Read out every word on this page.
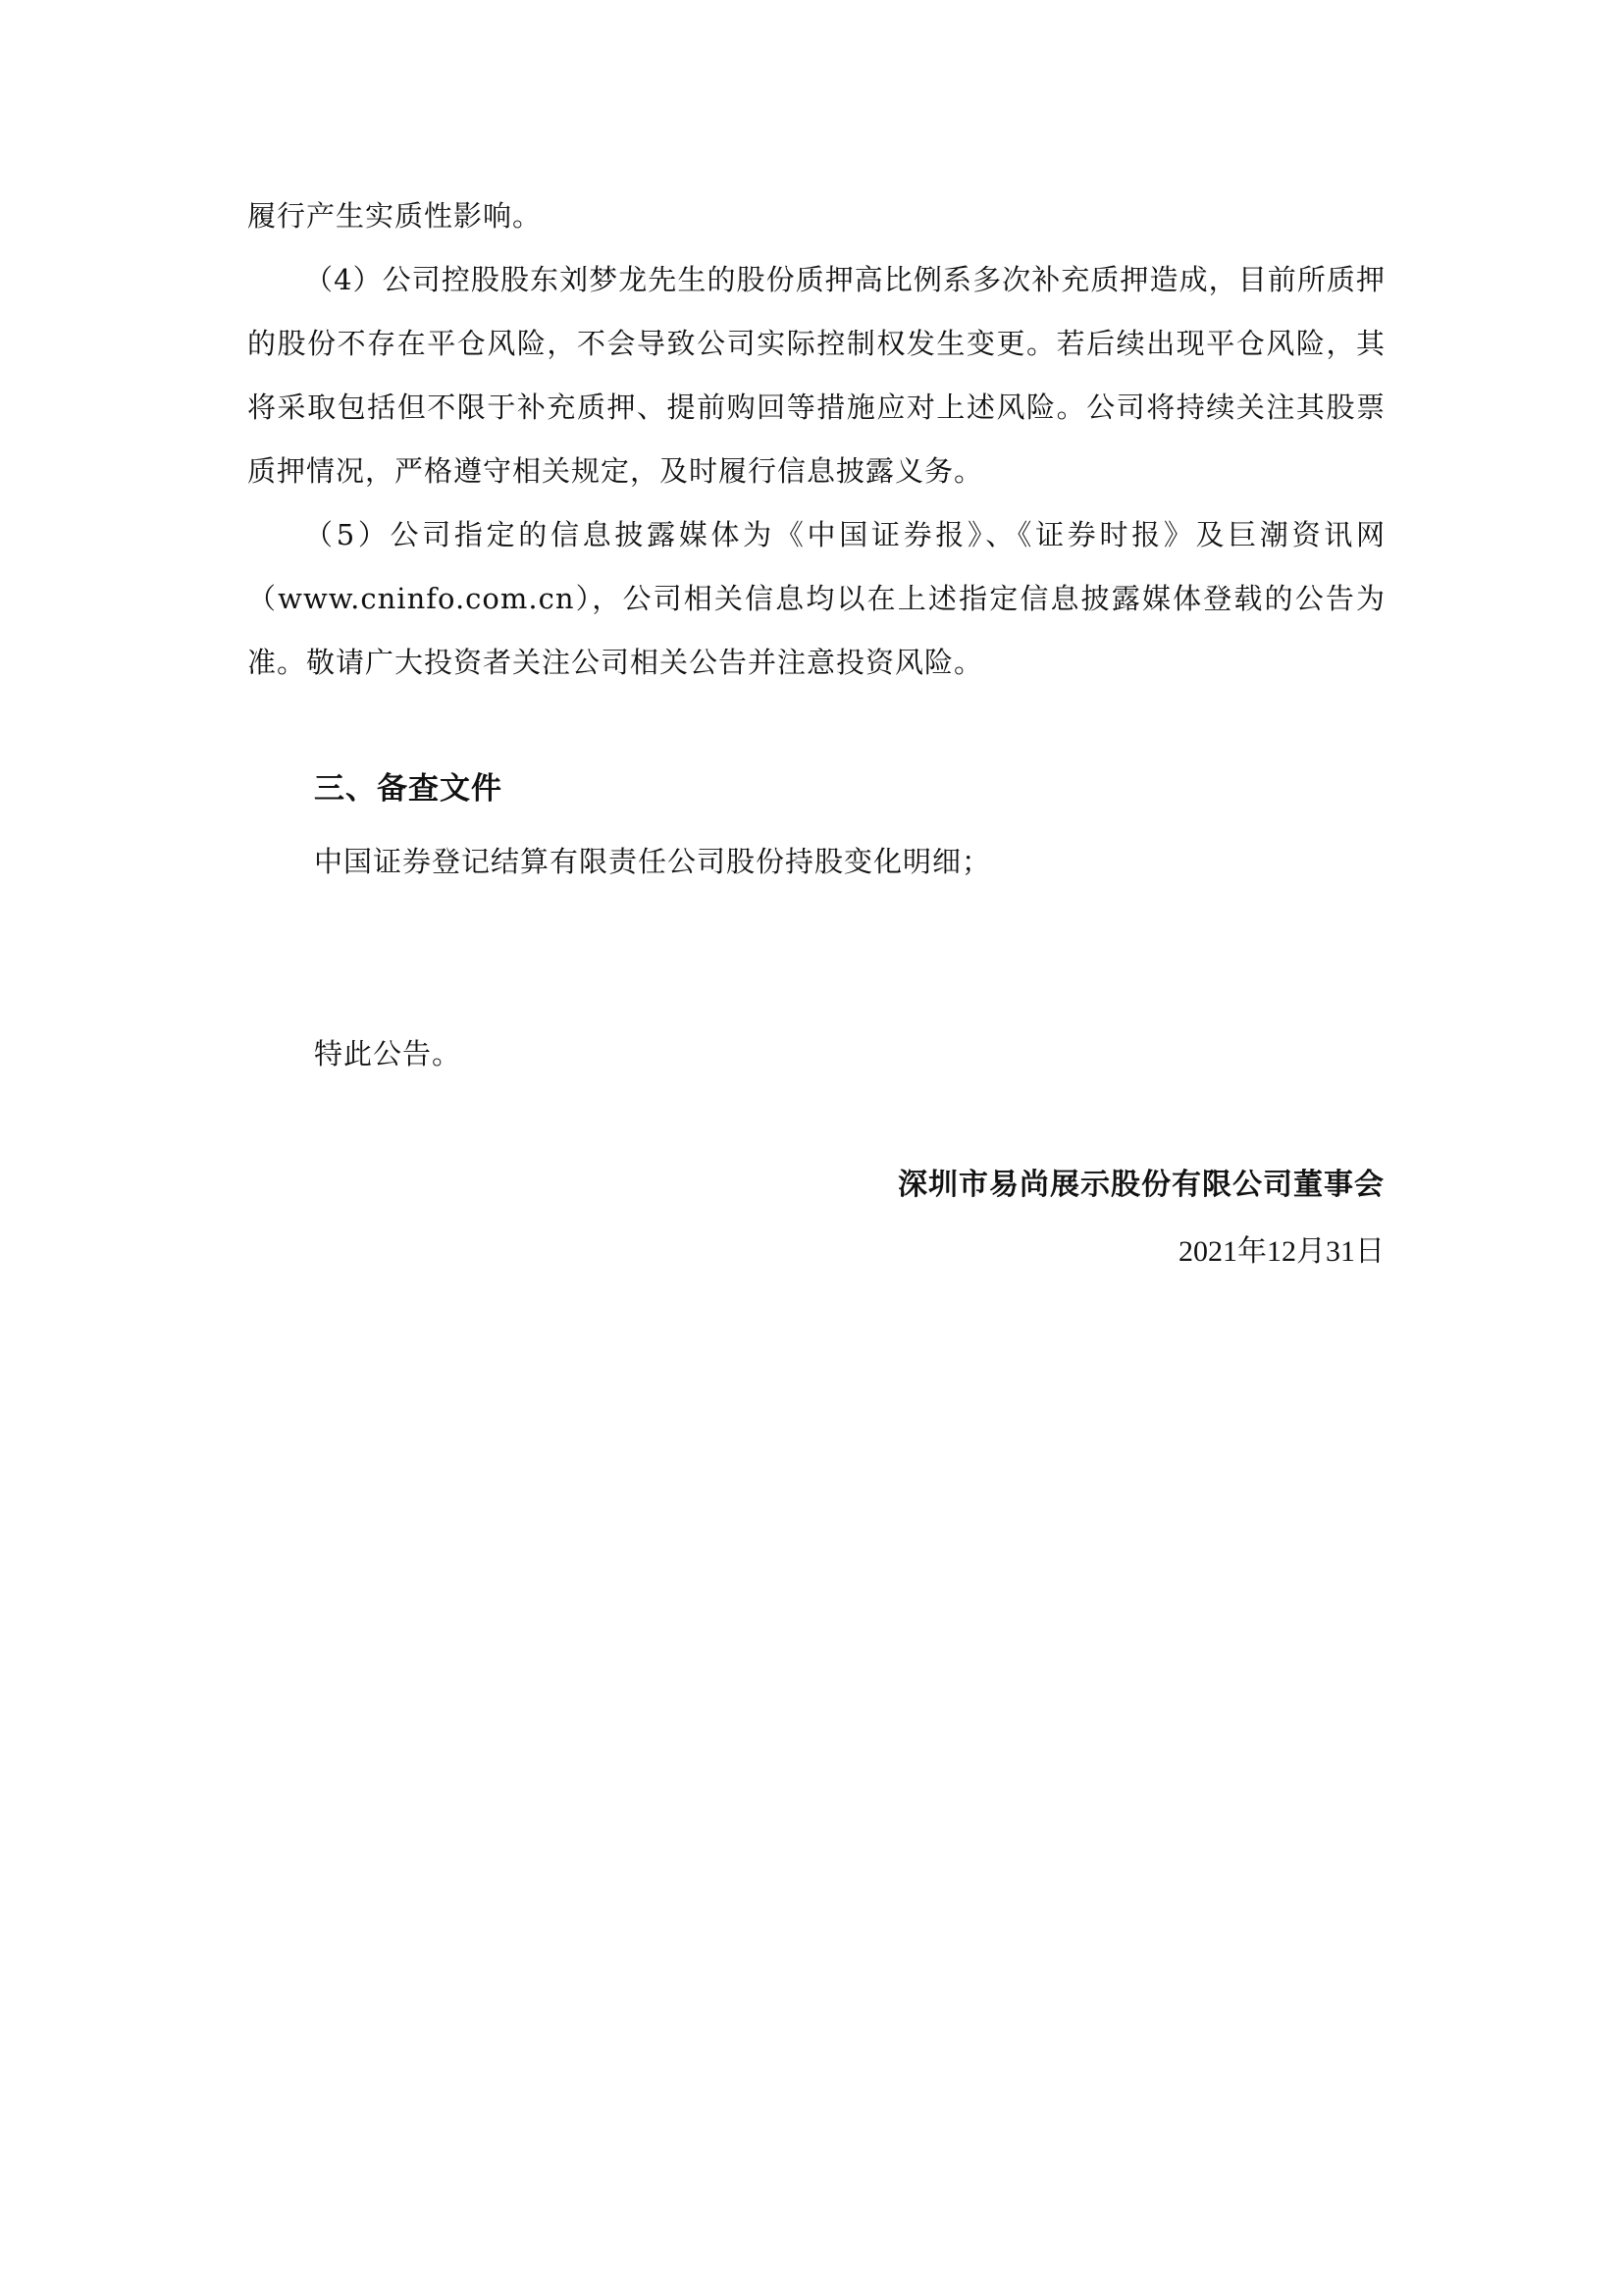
履行产生实质性影响。

（4）公司控股股东刘梦龙先生的股份质押高比例系多次补充质押造成，目前所质押的股份不存在平仓风险，不会导致公司实际控制权发生变更。若后续出现平仓风险，其将采取包括但不限于补充质押、提前购回等措施应对上述风险。公司将持续关注其股票质押情况，严格遵守相关规定，及时履行信息披露义务。

（5）公司指定的信息披露媒体为《中国证券报》、《证券时报》及巨潮资讯网（www.cninfo.com.cn），公司相关信息均以在上述指定信息披露媒体登载的公告为准。敬请广大投资者关注公司相关公告并注意投资风险。

三、备查文件

中国证券登记结算有限责任公司股份持股变化明细；

特此公告。

深圳市易尚展示股份有限公司董事会

2021年12月31日
